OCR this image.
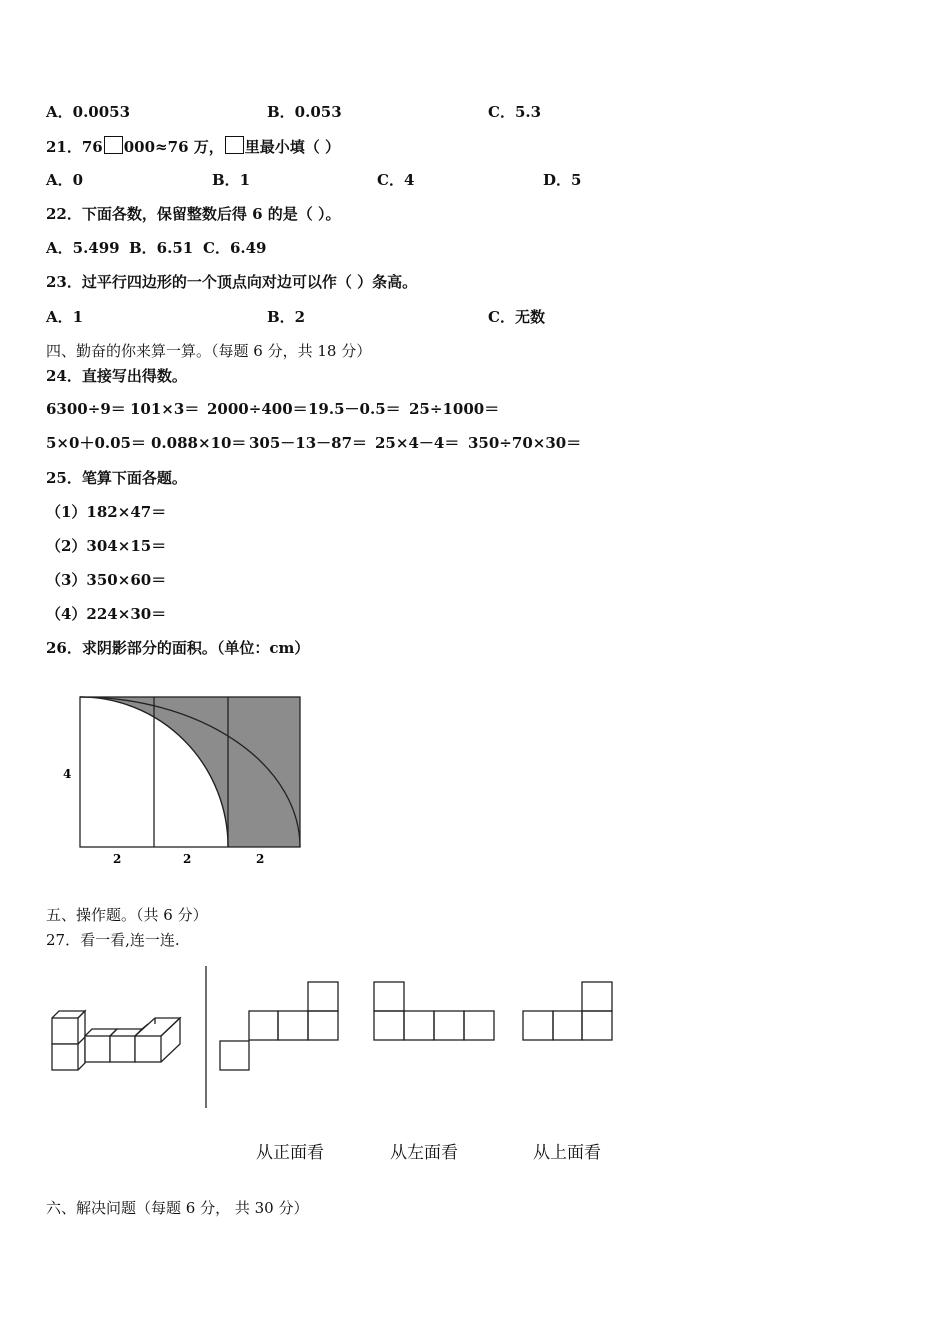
A．0.0053	B．0.053	C．5.3
21．76 000≈76 万， 里最小填（ ）
A．0	B．1	C．4	D．5
22．下面各数，保留整数后得 6 的是（ ）。
A．5.499 B．6.51 C．6.49
23．过平行四边形的一个顶点向对边可以作（ ）条高。
A．1	B．2	C．无数
四、勤奋的你来算一算。（每题 6 分，共 18 分）
24．直接写出得数。
6300÷9＝ 101×3＝ 2000÷400＝ 19.5－0.5＝ 25÷1000＝
5×0＋0.05＝ 0.088×10＝ 305－13－87＝ 25×4－4＝ 350÷70×30＝
25．笔算下面各题。
（1）182×47＝
（2）304×15＝
（3）350×60＝
（4）224×30＝
26．求阴影部分的面积。（单位：cm）
4
2	2	2
五、操作题。（共 6 分）
27．看一看,连一连.
从正面看	从左面看	从上面看
六、解决问题（每题 6 分， 共 30 分）
